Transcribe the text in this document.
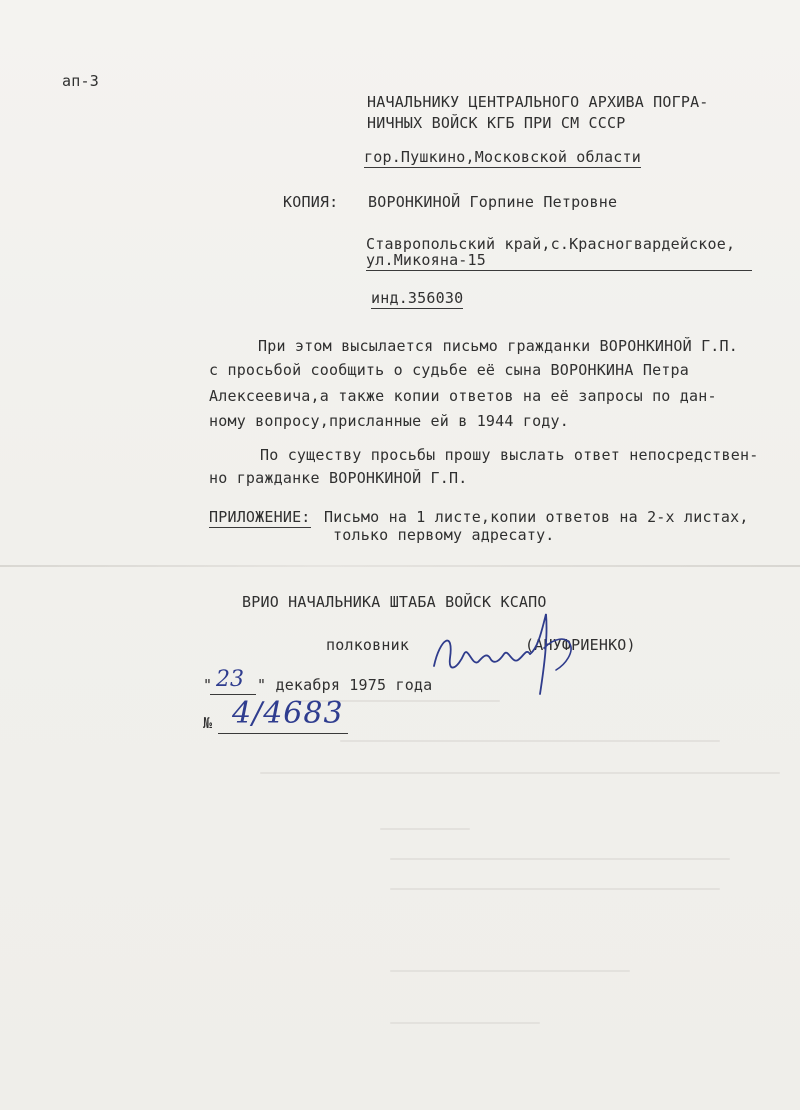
ап-3
НАЧАЛЬНИКУ ЦЕНТРАЛЬНОГО АРХИВА ПОГРА-
НИЧНЫХ ВОЙСК КГБ ПРИ СМ СССР
гор.Пушкино,Московской области
КОПИЯ: ВОРОНКИНОЙ Горпине Петровне
Ставропольский край,с.Красногвардейское,
ул.Микояна-15
инд.356030
При этом высылается письмо гражданки ВОРОНКИНОЙ Г.П.
с просьбой сообщить о судьбе её сына ВОРОНКИНА Петра
Алексеевича,а также копии ответов на её запросы по дан-
ному вопросу,присланные ей в 1944 году.
По существу просьбы прошу выслать ответ непосредствен-
но гражданке ВОРОНКИНОЙ Г.П.
ПРИЛОЖЕНИЕ: Письмо на 1 листе,копии ответов на 2-х листах,
только первому адресату.
ВРИО НАЧАЛЬНИКА ШТАБА ВОЙСК КСАПО
полковник	(АНУФРИЕНКО)
" 23 " декабря 1975 года
№ 4/4683
